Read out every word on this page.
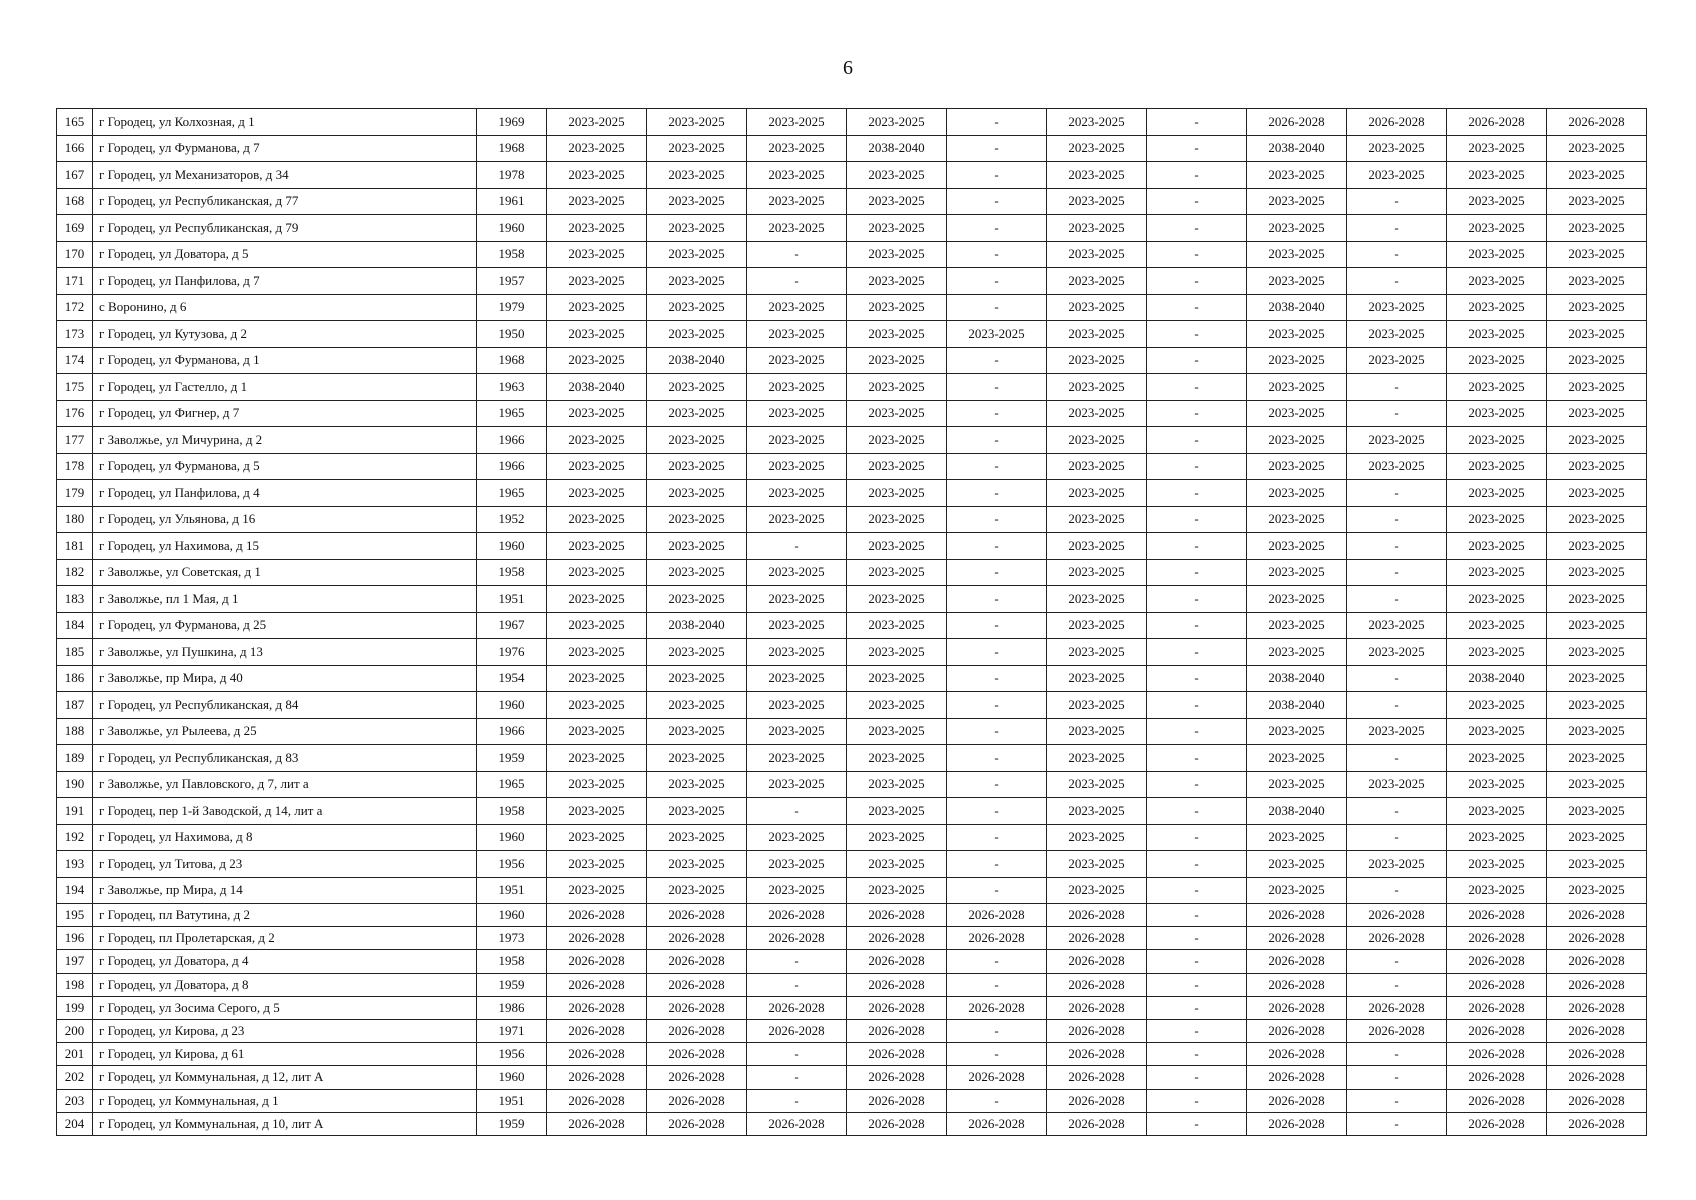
6
165	г Городец, ул Колхозная, д 1	1969	2023-2025	2023-2025	2023-2025	2023-2025	-	2023-2025	-	2026-2028	2026-2028	2026-2028	2026-2028
166	г Городец, ул Фурманова, д 7	1968	2023-2025	2023-2025	2023-2025	2038-2040	-	2023-2025	-	2038-2040	2023-2025	2023-2025	2023-2025
167	г Городец, ул Механизаторов, д 34	1978	2023-2025	2023-2025	2023-2025	2023-2025	-	2023-2025	-	2023-2025	2023-2025	2023-2025	2023-2025
168	г Городец, ул Республиканская, д 77	1961	2023-2025	2023-2025	2023-2025	2023-2025	-	2023-2025	-	2023-2025	-	2023-2025	2023-2025
169	г Городец, ул Республиканская, д 79	1960	2023-2025	2023-2025	2023-2025	2023-2025	-	2023-2025	-	2023-2025	-	2023-2025	2023-2025
170	г Городец, ул Доватора, д 5	1958	2023-2025	2023-2025	-	2023-2025	-	2023-2025	-	2023-2025	-	2023-2025	2023-2025
171	г Городец, ул Панфилова, д 7	1957	2023-2025	2023-2025	-	2023-2025	-	2023-2025	-	2023-2025	-	2023-2025	2023-2025
172	с Воронино, д 6	1979	2023-2025	2023-2025	2023-2025	2023-2025	-	2023-2025	-	2038-2040	2023-2025	2023-2025	2023-2025
173	г Городец, ул Кутузова, д 2	1950	2023-2025	2023-2025	2023-2025	2023-2025	2023-2025	2023-2025	-	2023-2025	2023-2025	2023-2025	2023-2025
174	г Городец, ул Фурманова, д 1	1968	2023-2025	2038-2040	2023-2025	2023-2025	-	2023-2025	-	2023-2025	2023-2025	2023-2025	2023-2025
175	г Городец, ул Гастелло, д 1	1963	2038-2040	2023-2025	2023-2025	2023-2025	-	2023-2025	-	2023-2025	-	2023-2025	2023-2025
176	г Городец, ул Фигнер, д 7	1965	2023-2025	2023-2025	2023-2025	2023-2025	-	2023-2025	-	2023-2025	-	2023-2025	2023-2025
177	г Заволжье, ул Мичурина, д 2	1966	2023-2025	2023-2025	2023-2025	2023-2025	-	2023-2025	-	2023-2025	2023-2025	2023-2025	2023-2025
178	г Городец, ул Фурманова, д 5	1966	2023-2025	2023-2025	2023-2025	2023-2025	-	2023-2025	-	2023-2025	2023-2025	2023-2025	2023-2025
179	г Городец, ул Панфилова, д 4	1965	2023-2025	2023-2025	2023-2025	2023-2025	-	2023-2025	-	2023-2025	-	2023-2025	2023-2025
180	г Городец, ул Ульянова, д 16	1952	2023-2025	2023-2025	2023-2025	2023-2025	-	2023-2025	-	2023-2025	-	2023-2025	2023-2025
181	г Городец, ул Нахимова, д 15	1960	2023-2025	2023-2025	-	2023-2025	-	2023-2025	-	2023-2025	-	2023-2025	2023-2025
182	г Заволжье, ул Советская, д 1	1958	2023-2025	2023-2025	2023-2025	2023-2025	-	2023-2025	-	2023-2025	-	2023-2025	2023-2025
183	г Заволжье, пл 1 Мая, д 1	1951	2023-2025	2023-2025	2023-2025	2023-2025	-	2023-2025	-	2023-2025	-	2023-2025	2023-2025
184	г Городец, ул Фурманова, д 25	1967	2023-2025	2038-2040	2023-2025	2023-2025	-	2023-2025	-	2023-2025	2023-2025	2023-2025	2023-2025
185	г Заволжье, ул Пушкина, д 13	1976	2023-2025	2023-2025	2023-2025	2023-2025	-	2023-2025	-	2023-2025	2023-2025	2023-2025	2023-2025
186	г Заволжье, пр Мира, д 40	1954	2023-2025	2023-2025	2023-2025	2023-2025	-	2023-2025	-	2038-2040	-	2038-2040	2023-2025
187	г Городец, ул Республиканская, д 84	1960	2023-2025	2023-2025	2023-2025	2023-2025	-	2023-2025	-	2038-2040	-	2023-2025	2023-2025
188	г Заволжье, ул Рылеева, д 25	1966	2023-2025	2023-2025	2023-2025	2023-2025	-	2023-2025	-	2023-2025	2023-2025	2023-2025	2023-2025
189	г Городец, ул Республиканская, д 83	1959	2023-2025	2023-2025	2023-2025	2023-2025	-	2023-2025	-	2023-2025	-	2023-2025	2023-2025
190	г Заволжье, ул Павловского, д 7, лит а	1965	2023-2025	2023-2025	2023-2025	2023-2025	-	2023-2025	-	2023-2025	2023-2025	2023-2025	2023-2025
191	г Городец, пер 1-й Заводской, д 14, лит а	1958	2023-2025	2023-2025	-	2023-2025	-	2023-2025	-	2038-2040	-	2023-2025	2023-2025
192	г Городец, ул Нахимова, д 8	1960	2023-2025	2023-2025	2023-2025	2023-2025	-	2023-2025	-	2023-2025	-	2023-2025	2023-2025
193	г Городец, ул Титова, д 23	1956	2023-2025	2023-2025	2023-2025	2023-2025	-	2023-2025	-	2023-2025	2023-2025	2023-2025	2023-2025
194	г Заволжье, пр Мира, д 14	1951	2023-2025	2023-2025	2023-2025	2023-2025	-	2023-2025	-	2023-2025	-	2023-2025	2023-2025
195	г Городец, пл Ватутина, д 2	1960	2026-2028	2026-2028	2026-2028	2026-2028	2026-2028	2026-2028	-	2026-2028	2026-2028	2026-2028	2026-2028
196	г Городец, пл Пролетарская, д 2	1973	2026-2028	2026-2028	2026-2028	2026-2028	2026-2028	2026-2028	-	2026-2028	2026-2028	2026-2028	2026-2028
197	г Городец, ул Доватора, д 4	1958	2026-2028	2026-2028	-	2026-2028	-	2026-2028	-	2026-2028	-	2026-2028	2026-2028
198	г Городец, ул Доватора, д 8	1959	2026-2028	2026-2028	-	2026-2028	-	2026-2028	-	2026-2028	-	2026-2028	2026-2028
199	г Городец, ул Зосима Серого, д 5	1986	2026-2028	2026-2028	2026-2028	2026-2028	2026-2028	2026-2028	-	2026-2028	2026-2028	2026-2028	2026-2028
200	г Городец, ул Кирова, д 23	1971	2026-2028	2026-2028	2026-2028	2026-2028	-	2026-2028	-	2026-2028	2026-2028	2026-2028	2026-2028
201	г Городец, ул Кирова, д 61	1956	2026-2028	2026-2028	-	2026-2028	-	2026-2028	-	2026-2028	-	2026-2028	2026-2028
202	г Городец, ул Коммунальная, д 12, лит А	1960	2026-2028	2026-2028	-	2026-2028	2026-2028	2026-2028	-	2026-2028	-	2026-2028	2026-2028
203	г Городец, ул Коммунальная, д 1	1951	2026-2028	2026-2028	-	2026-2028	-	2026-2028	-	2026-2028	-	2026-2028	2026-2028
204	г Городец, ул Коммунальная, д 10, лит А	1959	2026-2028	2026-2028	2026-2028	2026-2028	2026-2028	2026-2028	-	2026-2028	-	2026-2028	2026-2028
